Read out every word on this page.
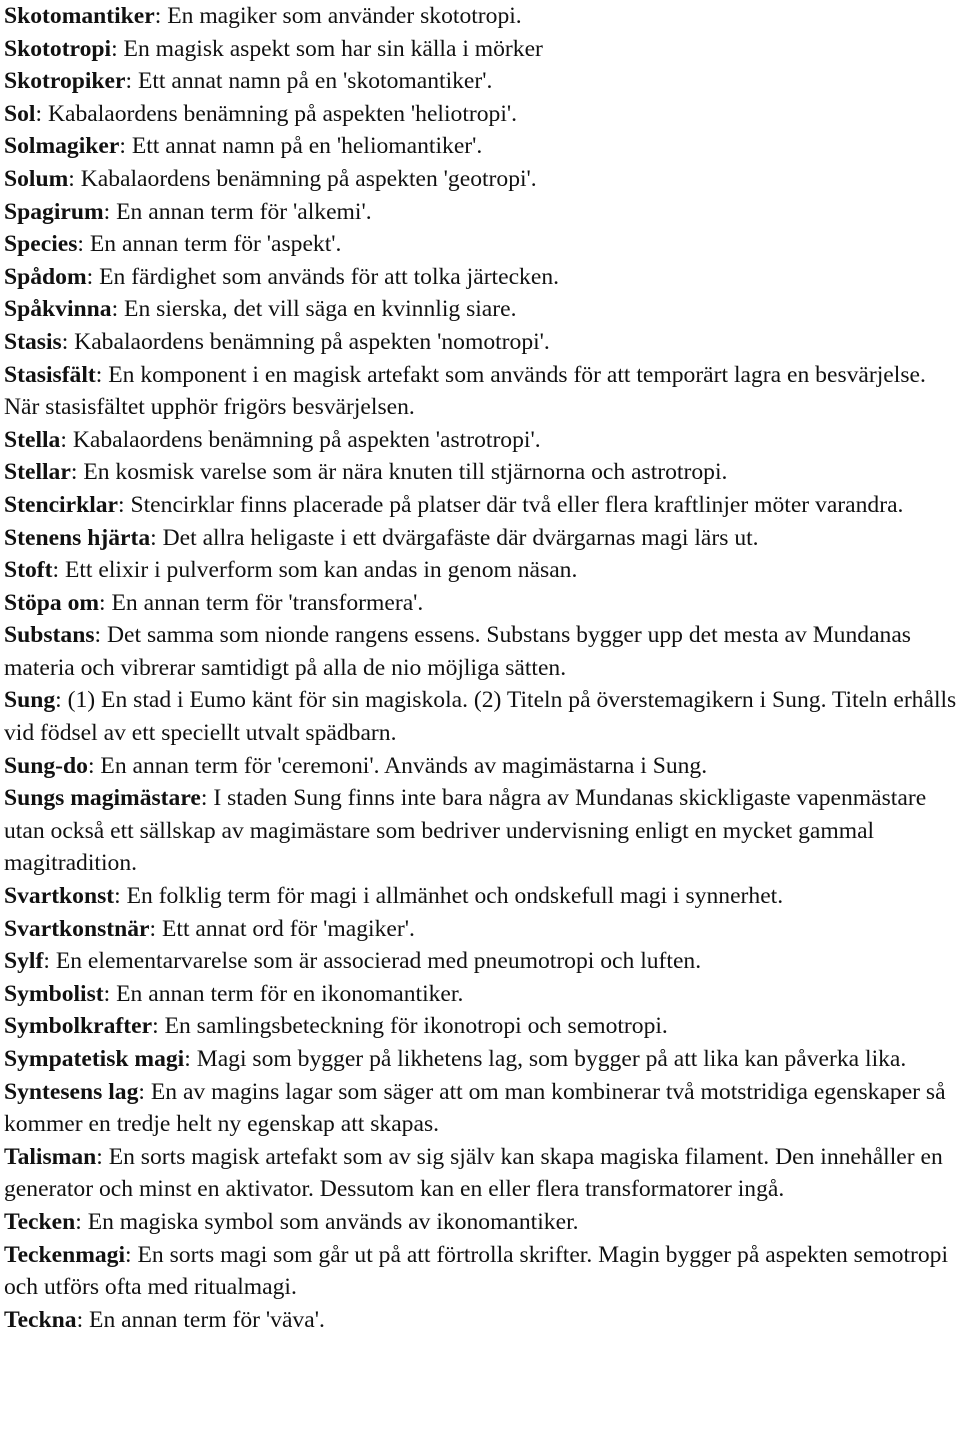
Skotomantiker: En magiker som använder skototropi.

Skototropi: En magisk aspekt som har sin källa i mörker

Skotropiker: Ett annat namn på en 'skotomantiker'.

Sol: Kabalaordens benämning på aspekten 'heliotropi'.

Solmagiker: Ett annat namn på en 'heliomantiker'.

Solum: Kabalaordens benämning på aspekten 'geotropi'.

Spagirum: En annan term för 'alkemi'.

Species: En annan term för 'aspekt'.

Spådom: En färdighet som används för att tolka järtecken.

Spåkvinna: En sierska, det vill säga en kvinnlig siare.

Stasis: Kabalaordens benämning på aspekten 'nomotropi'.

Stasisfält: En komponent i en magisk artefakt som används för att temporärt lagra en besvärjelse. När stasisfältet upphör frigörs besvärjelsen.

Stella: Kabalaordens benämning på aspekten 'astrotropi'.

Stellar: En kosmisk varelse som är nära knuten till stjärnorna och astrotropi.

Stencirklar: Stencirklar finns placerade på platser där två eller flera kraftlinjer möter varandra.

Stenens hjärta: Det allra heligaste i ett dvärgafäste där dvärgarnas magi lärs ut.

Stoft: Ett elixir i pulverform som kan andas in genom näsan.

Stöpa om: En annan term för 'transformera'.

Substans: Det samma som nionde rangens essens. Substans bygger upp det mesta av Mundanas materia och vibrerar samtidigt på alla de nio möjliga sätten.

Sung: (1) En stad i Eumo känt för sin magiskola. (2) Titeln på överstemagikern i Sung. Titeln erhålls vid födsel av ett speciellt utvalt spädbarn.

Sung-do: En annan term för 'ceremoni'. Används av magimästarna i Sung.

Sungs magimästare: I staden Sung finns inte bara några av Mundanas skickligaste vapenmästare utan också ett sällskap av magimästare som bedriver undervisning enligt en mycket gammal magitradition.

Svartkonst: En folklig term för magi i allmänhet och ondskefull magi i synnerhet.

Svartkonstnär: Ett annat ord för 'magiker'.

Sylf: En elementarvarelse som är associerad med pneumotropi och luften.

Symbolist: En annan term för en ikonomantiker.

Symbolkrafter: En samlingsbeteckning för ikonotropi och semotropi.

Sympatetisk magi: Magi som bygger på likhetens lag, som bygger på att lika kan påverka lika.

Syntesens lag: En av magins lagar som säger att om man kombinerar två motstridiga egenskaper så kommer en tredje helt ny egenskap att skapas.

Talisman: En sorts magisk artefakt som av sig själv kan skapa magiska filament. Den innehåller en generator och minst en aktivator. Dessutom kan en eller flera transformatorer ingå.

Tecken: En magiska symbol som används av ikonomantiker.

Teckenmagi: En sorts magi som går ut på att förtrolla skrifter. Magin bygger på aspekten semotropi och utförs ofta med ritualmagi.

Teckna: En annan term för 'väva'.
